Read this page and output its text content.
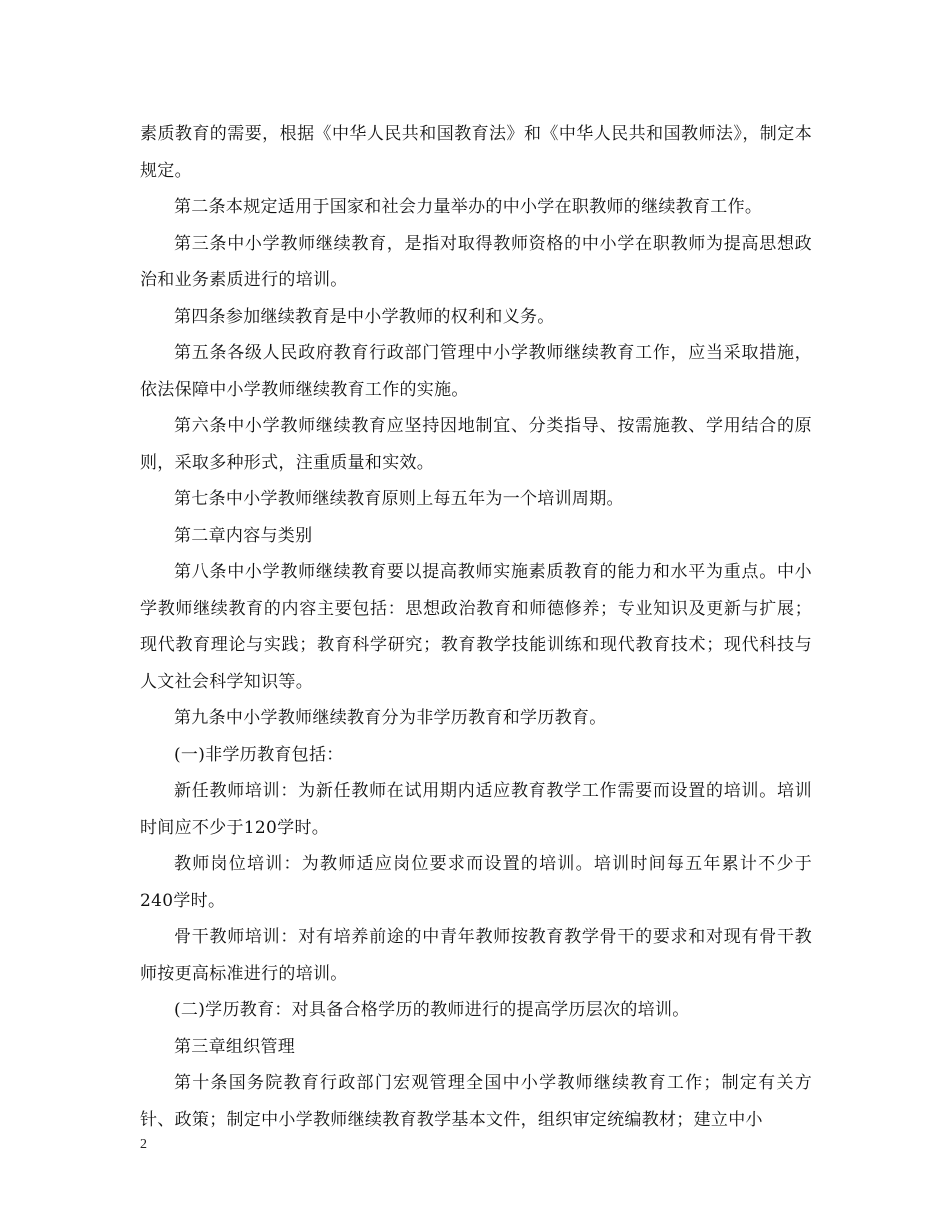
素质教育的需要，根据《中华人民共和国教育法》和《中华人民共和国教师法》，制定本规定。

第二条本规定适用于国家和社会力量举办的中小学在职教师的继续教育工作。

第三条中小学教师继续教育，是指对取得教师资格的中小学在职教师为提高思想政治和业务素质进行的培训。

第四条参加继续教育是中小学教师的权利和义务。

第五条各级人民政府教育行政部门管理中小学教师继续教育工作，应当采取措施，依法保障中小学教师继续教育工作的实施。

第六条中小学教师继续教育应坚持因地制宜、分类指导、按需施教、学用结合的原则，采取多种形式，注重质量和实效。

第七条中小学教师继续教育原则上每五年为一个培训周期。

第二章内容与类别

第八条中小学教师继续教育要以提高教师实施素质教育的能力和水平为重点。中小学教师继续教育的内容主要包括：思想政治教育和师德修养；专业知识及更新与扩展；现代教育理论与实践；教育科学研究；教育教学技能训练和现代教育技术；现代科技与人文社会科学知识等。

第九条中小学教师继续教育分为非学历教育和学历教育。

(一)非学历教育包括：

新任教师培训：为新任教师在试用期内适应教育教学工作需要而设置的培训。培训时间应不少于120学时。

教师岗位培训：为教师适应岗位要求而设置的培训。培训时间每五年累计不少于240学时。

骨干教师培训：对有培养前途的中青年教师按教育教学骨干的要求和对现有骨干教师按更高标准进行的培训。

(二)学历教育：对具备合格学历的教师进行的提高学历层次的培训。

第三章组织管理

第十条国务院教育行政部门宏观管理全国中小学教师继续教育工作；制定有关方针、政策；制定中小学教师继续教育教学基本文件，组织审定统编教材；建立中小

2
